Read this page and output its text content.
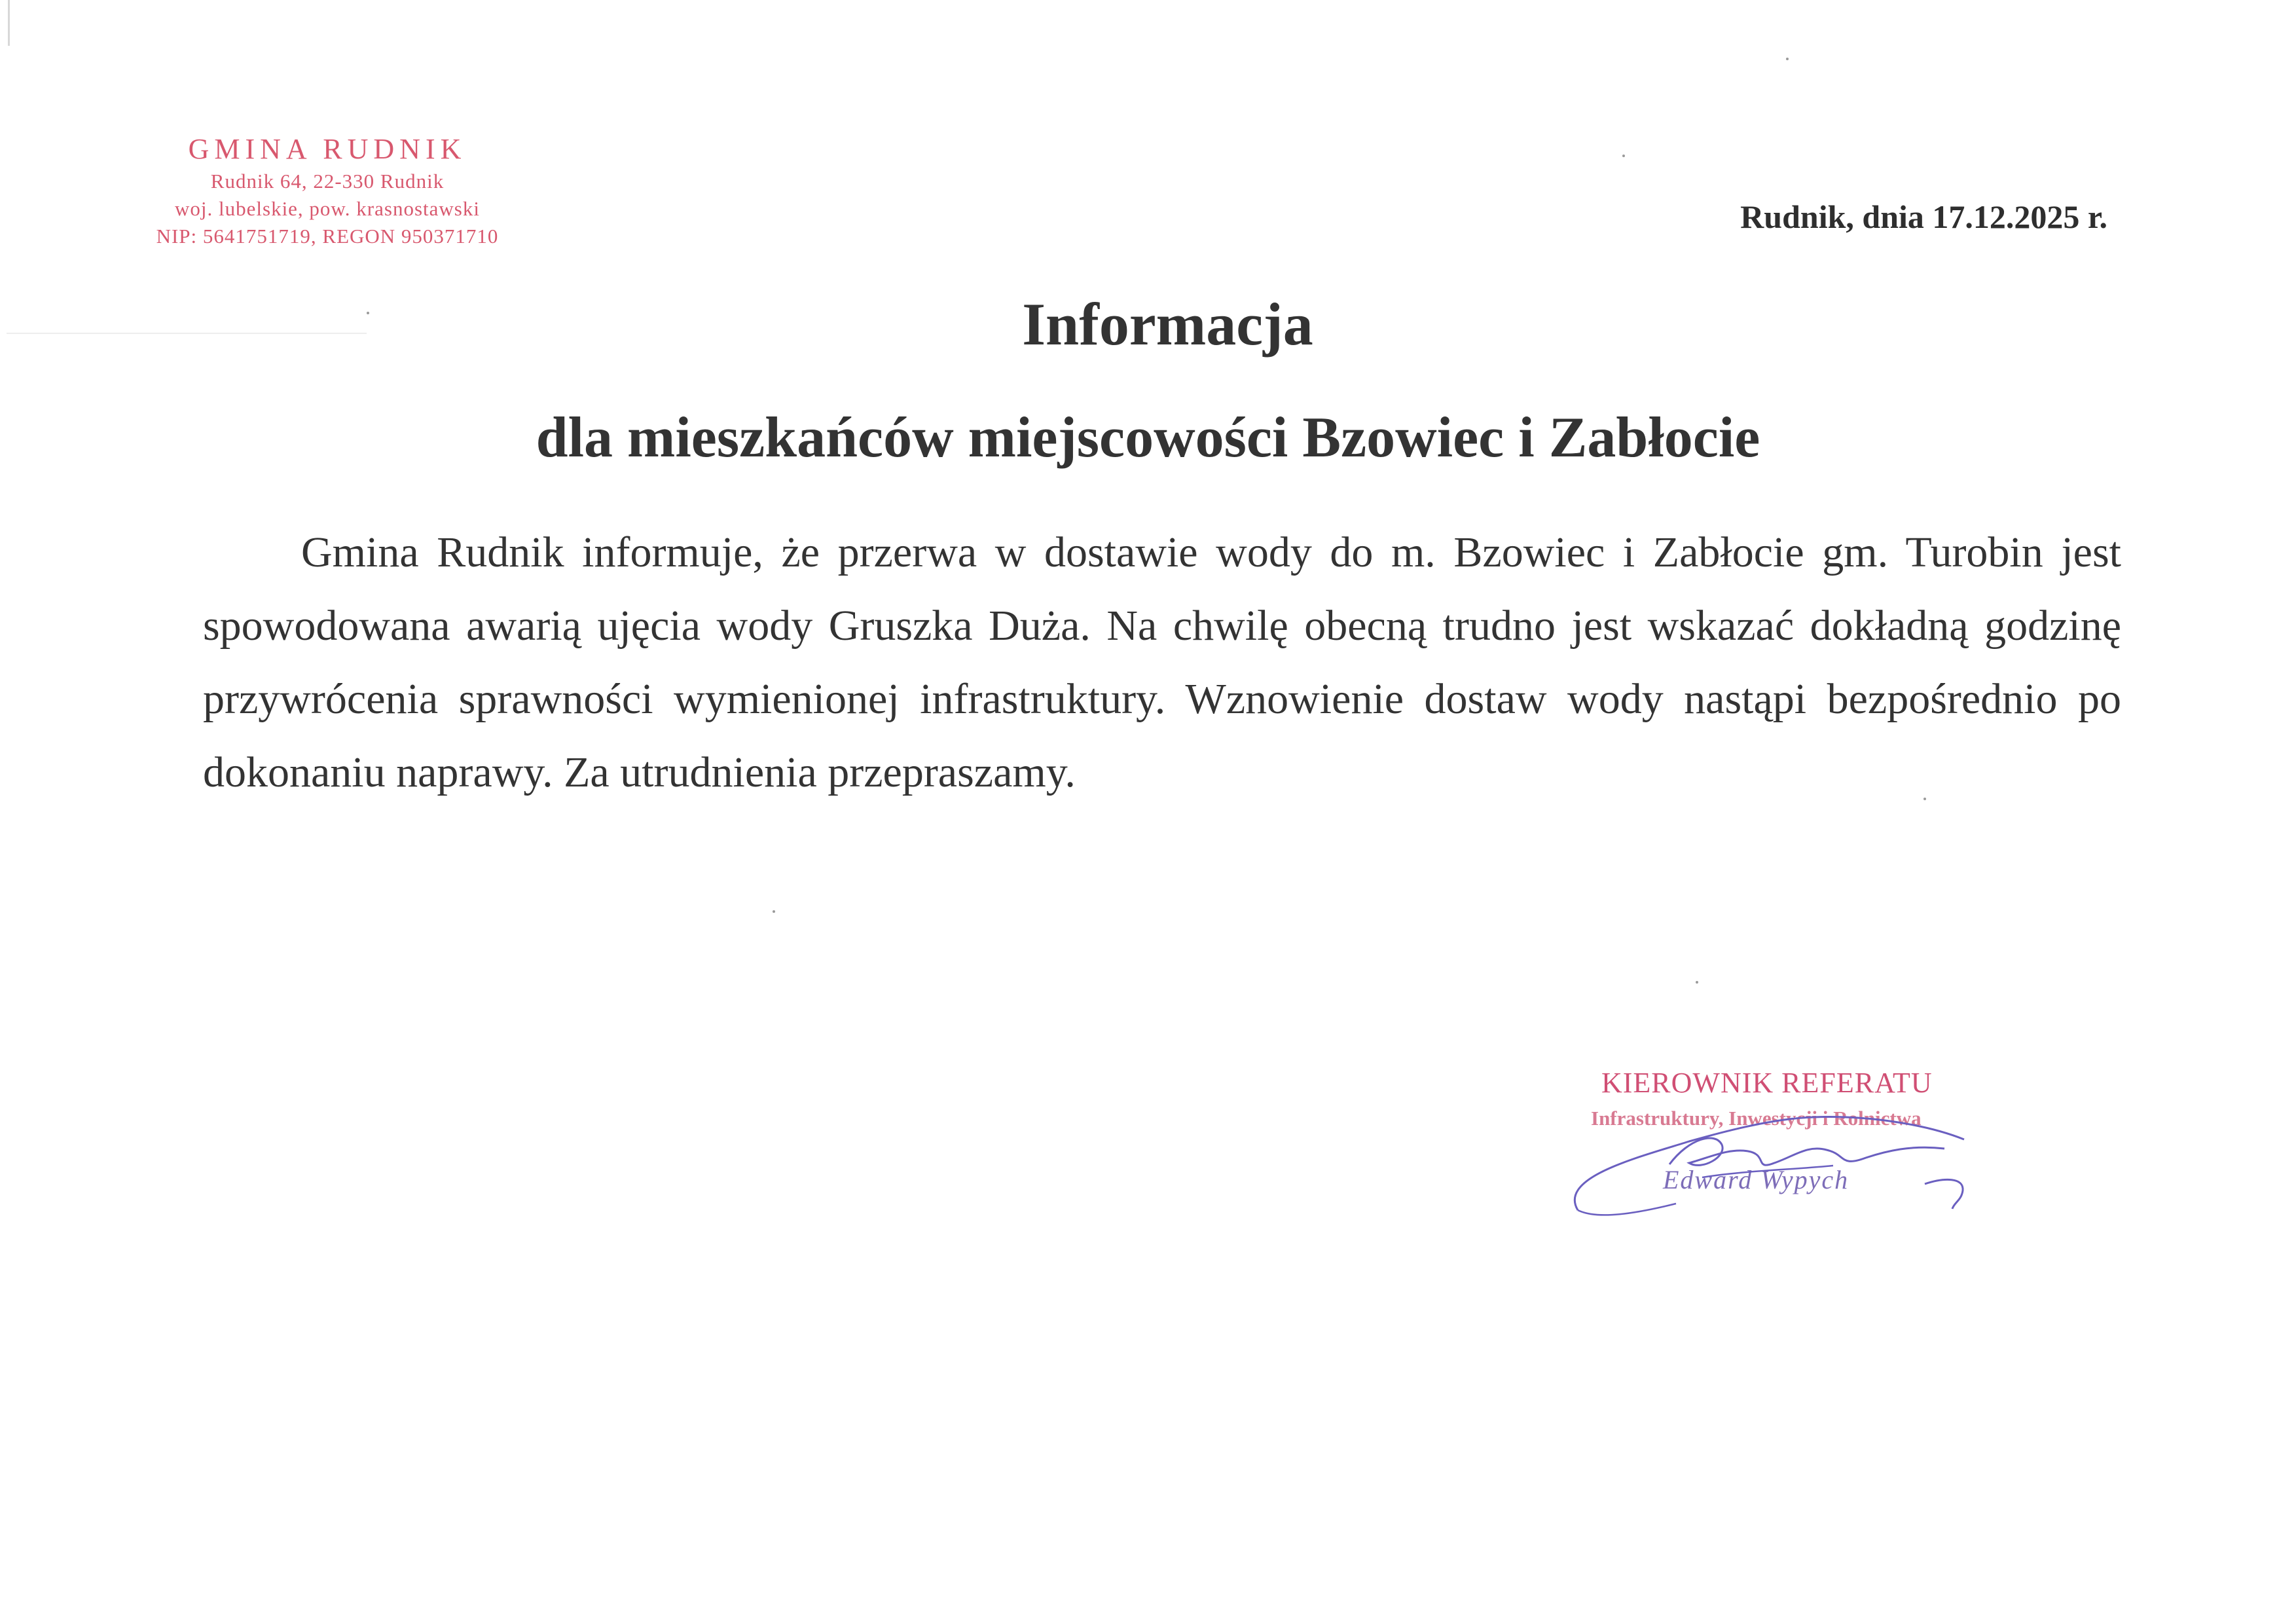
GMINA RUDNIK
Rudnik 64, 22-330 Rudnik
woj. lubelskie, pow. krasnostawski
NIP: 5641751719, REGON 950371710
Rudnik, dnia 17.12.2025 r.
Informacja
dla mieszkańców miejscowości Bzowiec i Zabłocie
Gmina Rudnik informuje, że przerwa w dostawie wody do m. Bzowiec i Zabłocie gm. Turobin jest spowodowana awarią ujęcia wody Gruszka Duża. Na chwilę obecną trudno jest wskazać dokładną godzinę przywrócenia sprawności wymienionej infrastruktury. Wznowienie dostaw wody nastąpi bezpośrednio po dokonaniu naprawy. Za utrudnienia przepraszamy.
KIEROWNIK REFERATU
Infrastruktury, Inwestycji i Rolnictwa
Edward Wypych
